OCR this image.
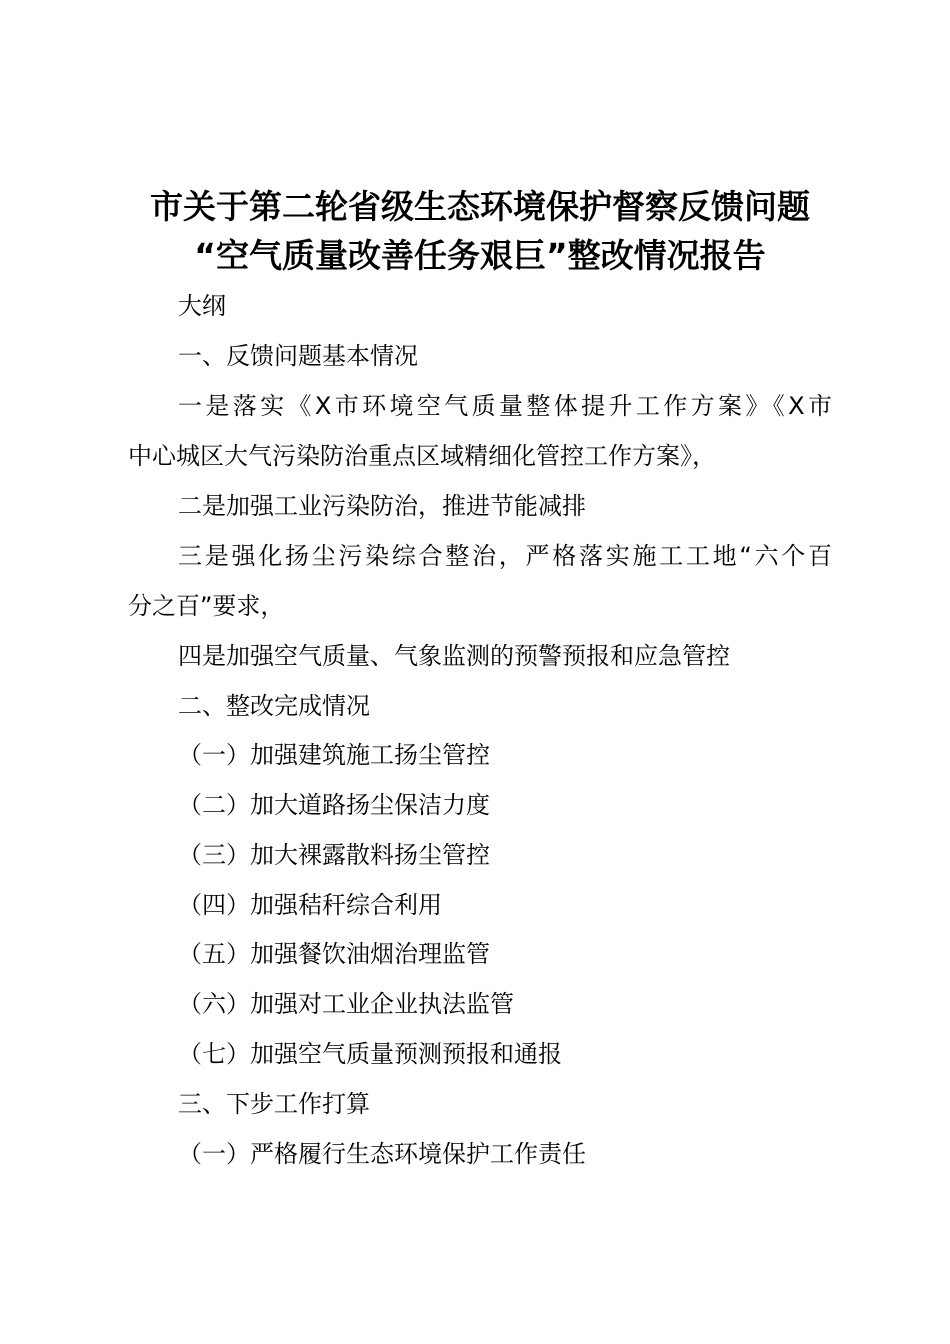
市关于第二轮省级生态环境保护督察反馈问题
“空气质量改善任务艰巨”整改情况报告
大纲
一、反馈问题基本情况
一是落实《X市环境空气质量整体提升工作方案》《X市
中心城区大气污染防治重点区域精细化管控工作方案》，
二是加强工业污染防治，推进节能减排
三是强化扬尘污染综合整治，严格落实施工工地“六个百
分之百”要求，
四是加强空气质量、气象监测的预警预报和应急管控
二、整改完成情况
（一）加强建筑施工扬尘管控
（二）加大道路扬尘保洁力度
（三）加大裸露散料扬尘管控
（四）加强秸秆综合利用
（五）加强餐饮油烟治理监管
（六）加强对工业企业执法监管
（七）加强空气质量预测预报和通报
三、下步工作打算
（一）严格履行生态环境保护工作责任
